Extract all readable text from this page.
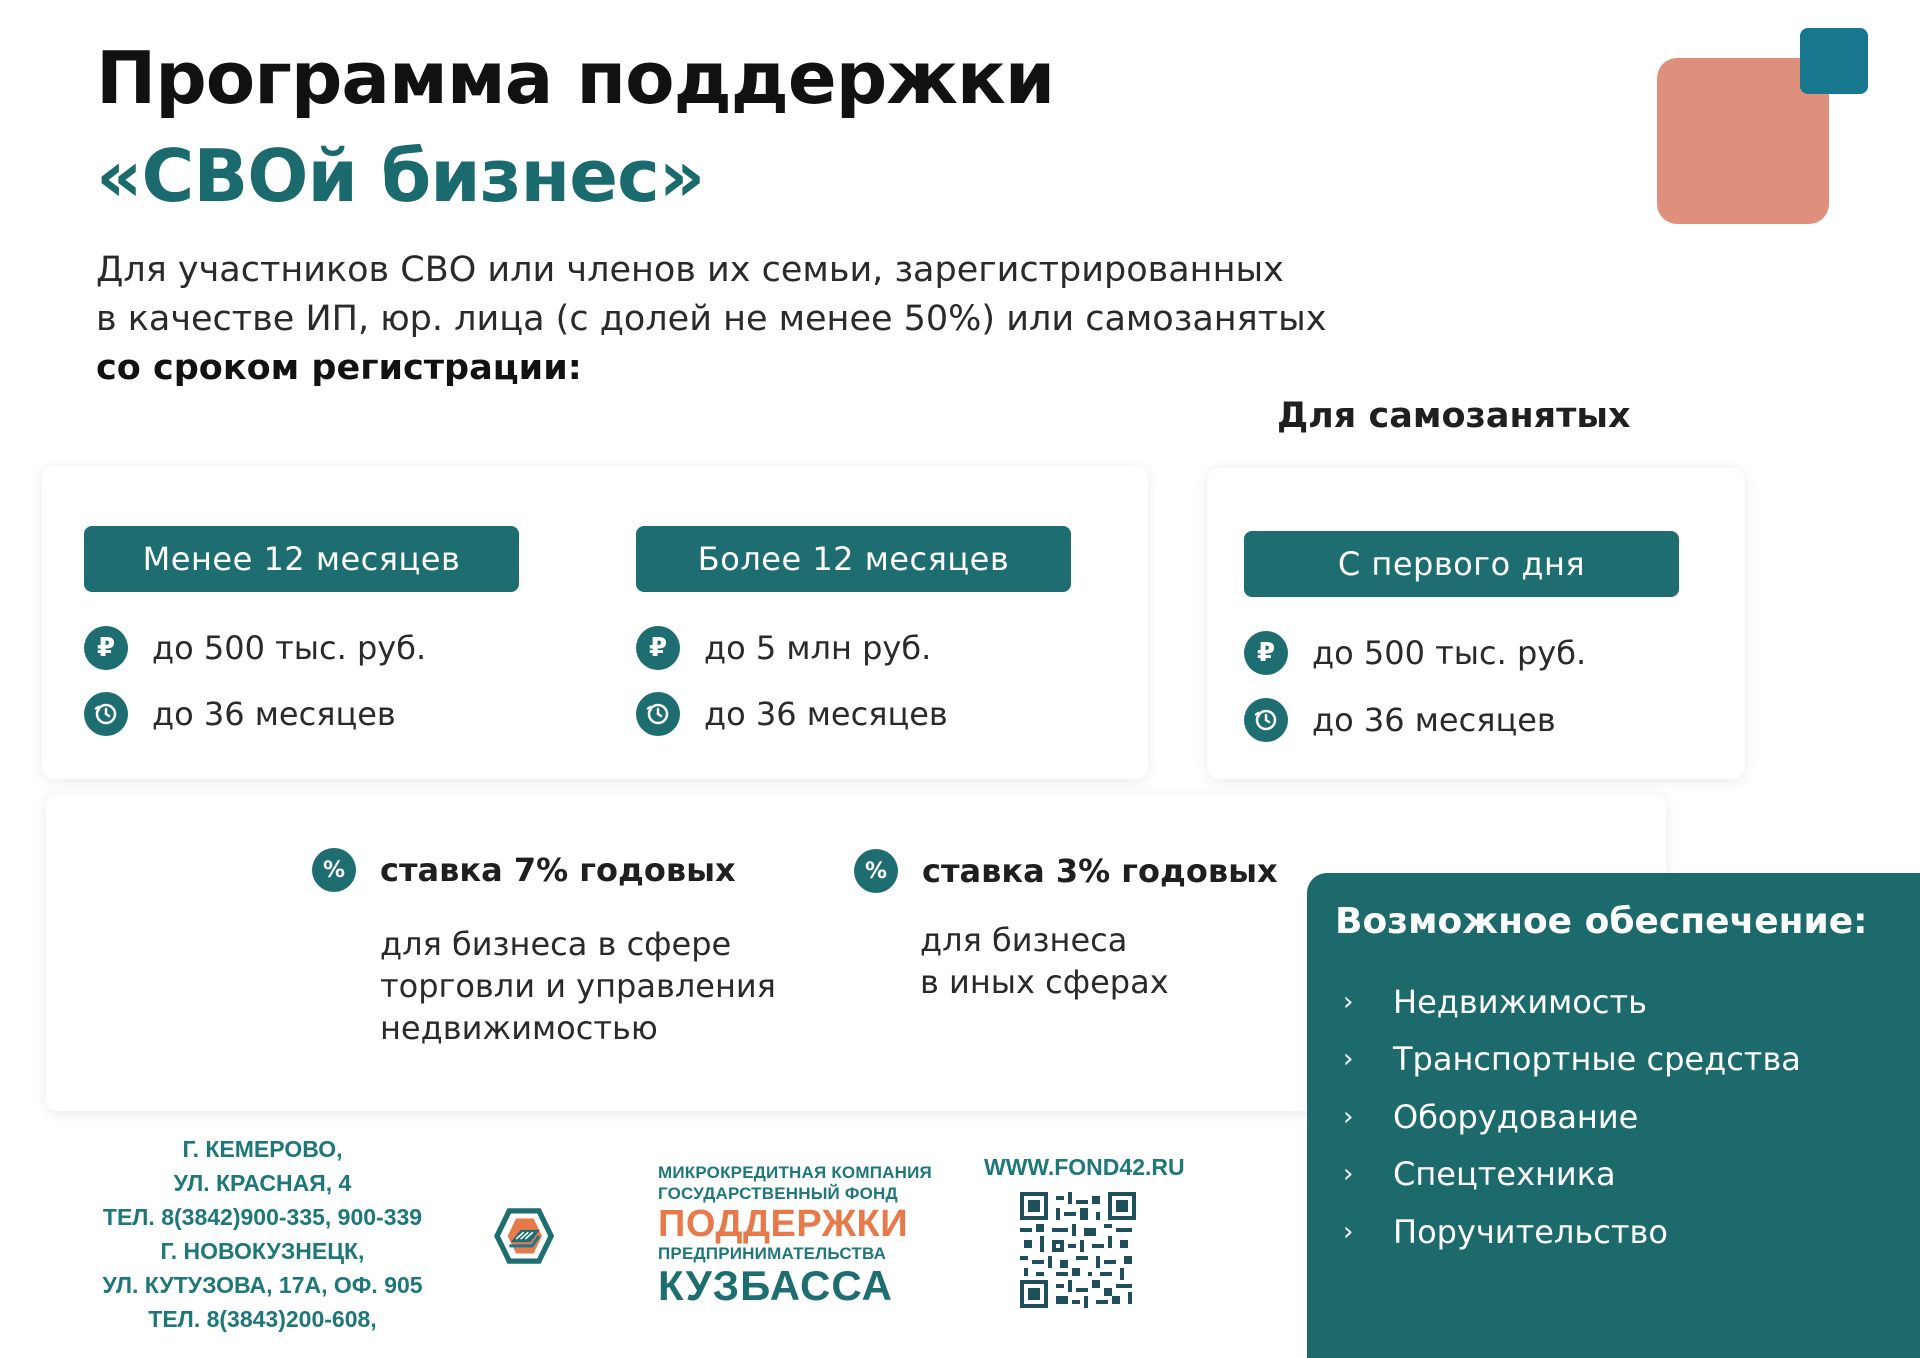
Программа поддержки
«СВОй бизнес»
Для участников СВО или членов их семьи, зарегистрированных
в качестве ИП, юр. лица (с долей не менее 50%) или самозанятых
со сроком регистрации:
Для самозанятых
Менее 12 месяцев
₽	до 500 тыс. руб.
до 36 месяцев
Более 12 месяцев
₽	до 5 млн руб.
до 36 месяцев
С первого дня
₽	до 500 тыс. руб.
до 36 месяцев
%	ставка 7% годовых
для бизнеса в сфере
торговли и управления
недвижимостью
%	ставка 3% годовых
для бизнеса
в иных сферах
Возможное обеспечение:
›	Недвижимость
›	Транспортные средства
›	Оборудование
›	Спецтехника
›	Поручительство
Г. КЕМЕРОВО,
УЛ. КРАСНАЯ, 4
ТЕЛ. 8(3842)900-335, 900-339
Г. НОВОКУЗНЕЦК,
УЛ. КУТУЗОВА, 17А, ОФ. 905
ТЕЛ. 8(3843)200-608,
МИКРОКРЕДИТНАЯ КОМПАНИЯ
ГОСУДАРСТВЕННЫЙ ФОНД
ПОДДЕРЖКИ
ПРЕДПРИНИМАТЕЛЬСТВА
КУЗБАССА
WWW.FOND42.RU
